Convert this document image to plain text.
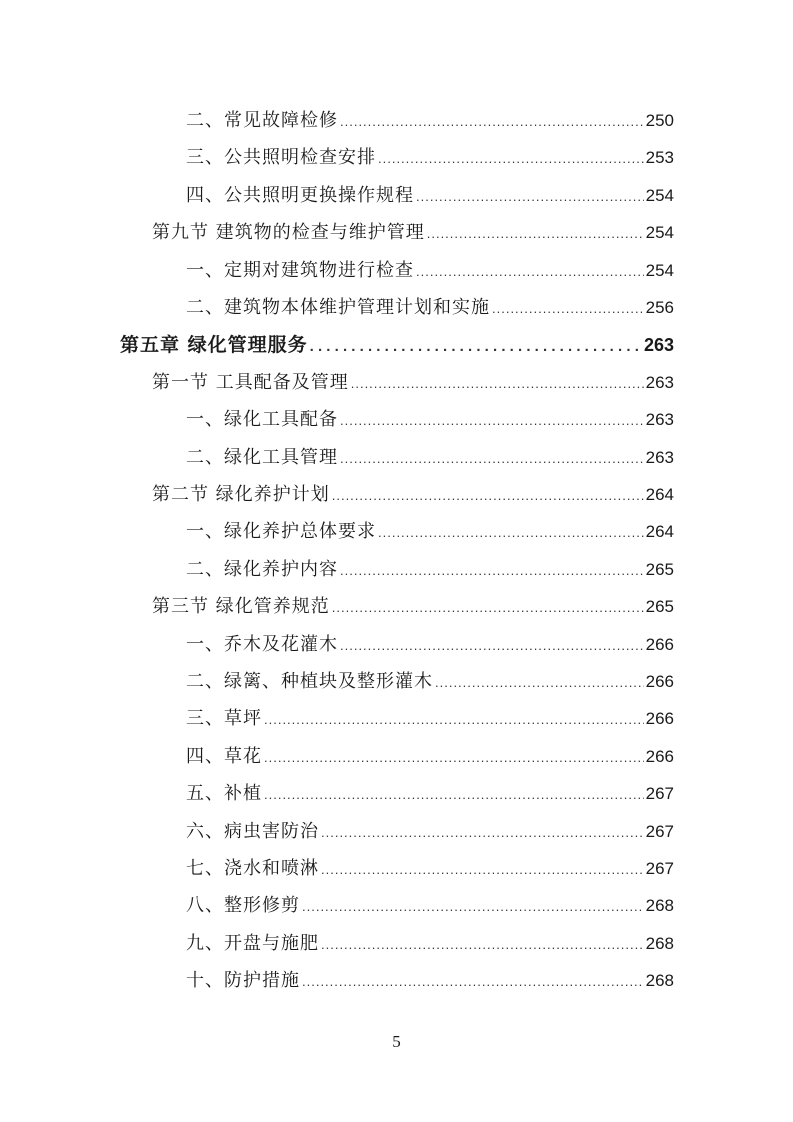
二、常见故障检修 .....	250
三、公共照明检查安排 .....	253
四、公共照明更换操作规程 .....	254
第九节 建筑物的检查与维护管理 .....	254
一、定期对建筑物进行检查 .....	254
二、建筑物本体维护管理计划和实施 .....	256
第五章 绿化管理服务 . . .	263
第一节 工具配备及管理 .....	263
一、绿化工具配备 .....	263
二、绿化工具管理 .....	263
第二节 绿化养护计划 .....	264
一、绿化养护总体要求 .....	264
二、绿化养护内容 .....	265
第三节 绿化管养规范 .....	265
一、乔木及花灌木 .....	266
二、绿篱、种植块及整形灌木 .....	266
三、草坪 .....	266
四、草花 .....	266
五、补植 .....	267
六、病虫害防治 .....	267
七、浇水和喷淋 .....	267
八、整形修剪 .....	268
九、开盘与施肥 .....	268
十、防护措施 .....	268
5
